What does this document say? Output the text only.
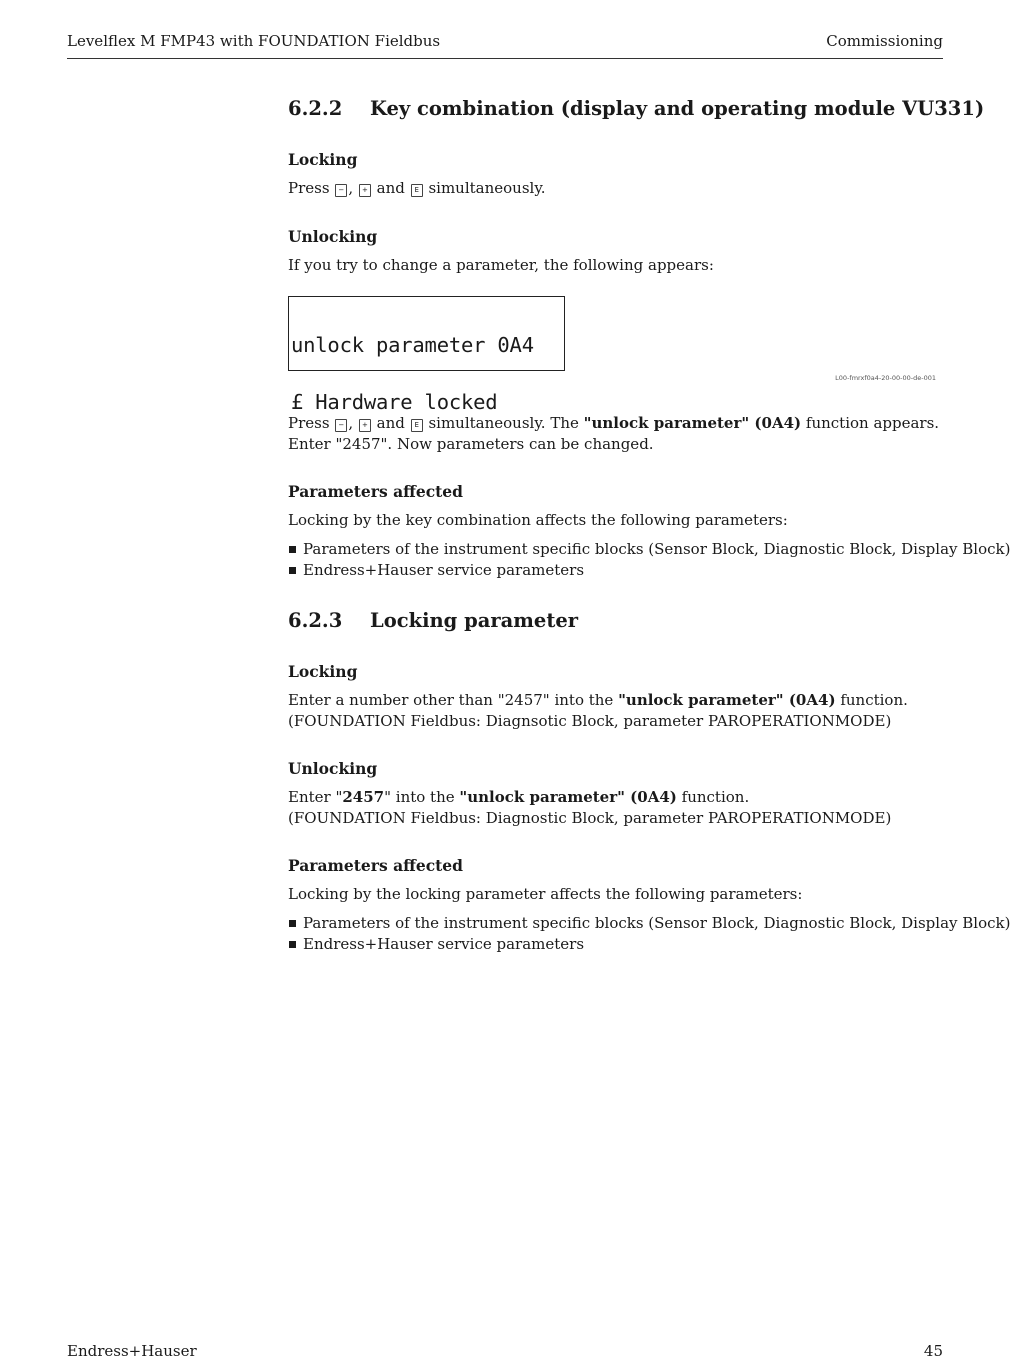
Levelflex M FMP43 with FOUNDATION Fieldbus	Commissioning
6.2.2 Key combination (display and operating module VU331)
Locking
Press − , + and E simultaneously.
Unlocking
If you try to change a parameter, the following appears:

unlock parameter 0A4

£ Hardware locked

L00-fmrxf0a4-20-00-00-de-001
Press − , + and E simultaneously. The "unlock parameter" (0A4) function appears.
Enter "2457". Now parameters can be changed.
Parameters affected
Locking by the key combination affects the following parameters:
Parameters of the instrument specific blocks (Sensor Block, Diagnostic Block, Display Block)
Endress+Hauser service parameters
6.2.3 Locking parameter
Locking
Enter a number other than "2457" into the "unlock parameter" (0A4) function.
(FOUNDATION Fieldbus: Diagnsotic Block, parameter PAROPERATIONMODE)
Unlocking
Enter "2457" into the "unlock parameter" (0A4) function.
(FOUNDATION Fieldbus: Diagnostic Block, parameter PAROPERATIONMODE)
Parameters affected
Locking by the locking parameter affects the following parameters:
Parameters of the instrument specific blocks (Sensor Block, Diagnostic Block, Display Block)
Endress+Hauser service parameters
Endress+Hauser	45
